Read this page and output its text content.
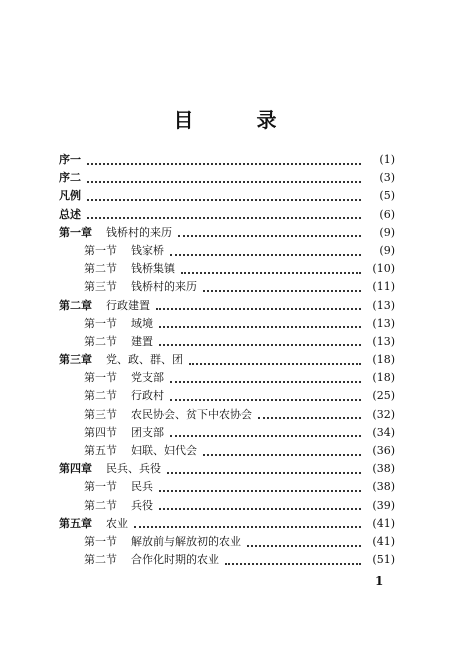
目 录
序一	(1)
序二	(3)
凡例	(5)
总述	(6)
第一章 钱桥村的来历	(9)
第一节 钱家桥	(9)
第二节 钱桥集镇	(10)
第三节 钱桥村的来历	(11)
第二章 行政建置	(13)
第一节 域境	(13)
第二节 建置	(13)
第三章 党、政、群、团	(18)
第一节 党支部	(18)
第二节 行政村	(25)
第三节 农民协会、贫下中农协会	(32)
第四节 团支部	(34)
第五节 妇联、妇代会	(36)
第四章 民兵、兵役	(38)
第一节 民兵	(38)
第二节 兵役	(39)
第五章 农业	(41)
第一节 解放前与解放初的农业	(41)
第二节 合作化时期的农业	(51)
1
